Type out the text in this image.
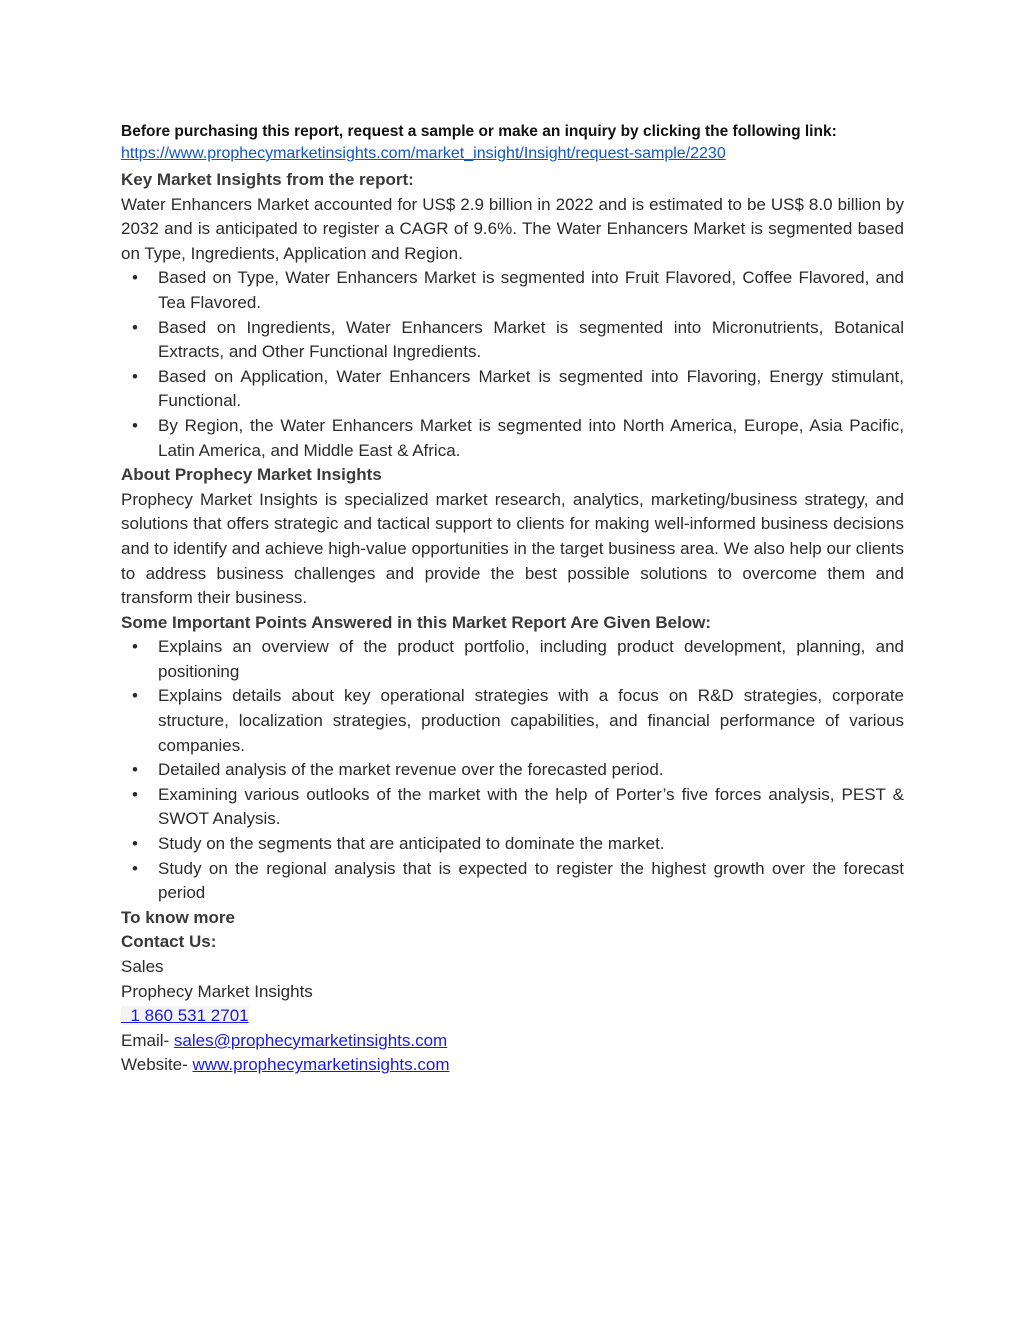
Before purchasing this report, request a sample or make an inquiry by clicking the following link:
https://www.prophecymarketinsights.com/market_insight/Insight/request-sample/2230
Key Market Insights from the report:

Water Enhancers Market accounted for US$ 2.9 billion in 2022 and is estimated to be US$ 8.0 billion by 2032 and is anticipated to register a CAGR of 9.6%. The Water Enhancers Market is segmented based on Type, Ingredients, Application and Region.

• Based on Type, Water Enhancers Market is segmented into Fruit Flavored, Coffee Flavored, and Tea Flavored.
• Based on Ingredients, Water Enhancers Market is segmented into Micronutrients, Botanical Extracts, and Other Functional Ingredients.
• Based on Application, Water Enhancers Market is segmented into Flavoring, Energy stimulant, Functional.
• By Region, the Water Enhancers Market is segmented into North America, Europe, Asia Pacific, Latin America, and Middle East & Africa.
About Prophecy Market Insights

Prophecy Market Insights is specialized market research, analytics, marketing/business strategy, and solutions that offers strategic and tactical support to clients for making well-informed business decisions and to identify and achieve high-value opportunities in the target business area. We also help our clients to address business challenges and provide the best possible solutions to overcome them and transform their business.

Some Important Points Answered in this Market Report Are Given Below:
• Explains an overview of the product portfolio, including product development, planning, and positioning
• Explains details about key operational strategies with a focus on R&D strategies, corporate structure, localization strategies, production capabilities, and financial performance of various companies.
• Detailed analysis of the market revenue over the forecasted period.
• Examining various outlooks of the market with the help of Porter’s five forces analysis, PEST & SWOT Analysis.
• Study on the segments that are anticipated to dominate the market.
• Study on the regional analysis that is expected to register the highest growth over the forecast period
To know more
Contact Us:
Sales
Prophecy Market Insights
1 860 531 2701
Email- sales@prophecymarketinsights.com
Website- www.prophecymarketinsights.com
